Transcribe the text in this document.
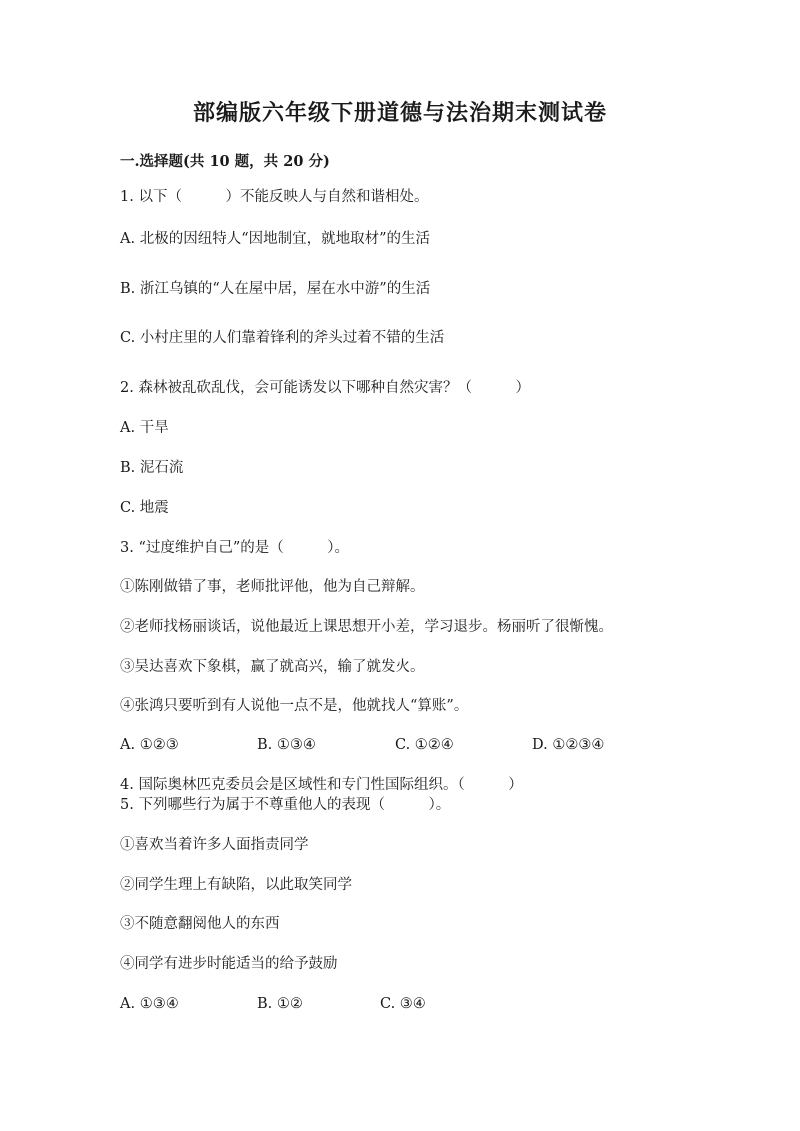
部编版六年级下册道德与法治期末测试卷
一.选择题(共 10 题，共 20 分)
1. 以下（　　　）不能反映人与自然和谐相处。
A. 北极的因纽特人“因地制宜，就地取材”的生活
B. 浙江乌镇的“人在屋中居，屋在水中游”的生活
C. 小村庄里的人们靠着锋利的斧头过着不错的生活
2. 森林被乱砍乱伐，会可能诱发以下哪种自然灾害？（　　　）
A. 干旱
B. 泥石流
C. 地震
3. “过度维护自己”的是（　　　）。
①陈刚做错了事，老师批评他，他为自己辩解。
②老师找杨丽谈话，说他最近上课思想开小差，学习退步。杨丽听了很惭愧。
③吴达喜欢下象棋，赢了就高兴，输了就发火。
④张鸿只要听到有人说他一点不是，他就找人“算账”。
A. ①②③	B. ①③④	C. ①②④	D. ①②③④
4. 国际奥林匹克委员会是区域性和专门性国际组织。（　　　）
5. 下列哪些行为属于不尊重他人的表现（　　　）。
①喜欢当着许多人面指责同学
②同学生理上有缺陷，以此取笑同学
③不随意翻阅他人的东西
④同学有进步时能适当的给予鼓励
A. ①③④	B. ①②	C. ③④
